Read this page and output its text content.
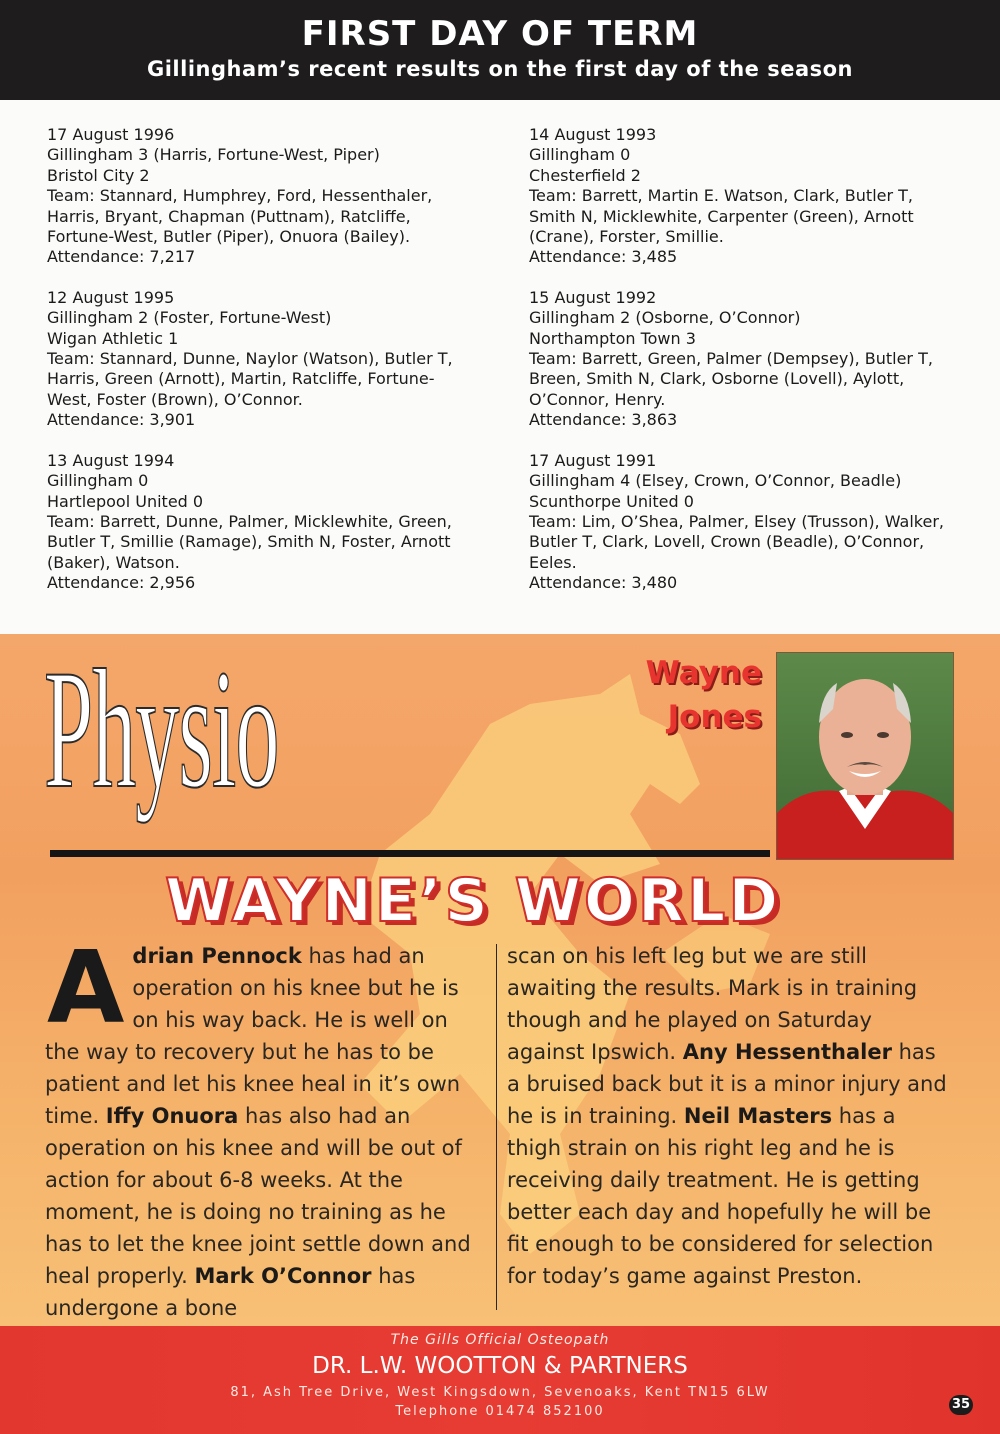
FIRST DAY OF TERM
Gillingham’s recent results on the first day of the season
17 August 1996
Gillingham 3 (Harris, Fortune-West, Piper)
Bristol City 2
Team: Stannard, Humphrey, Ford, Hessenthaler,
Harris, Bryant, Chapman (Puttnam), Ratcliffe,
Fortune-West, Butler (Piper), Onuora (Bailey).
Attendance: 7,217
12 August 1995
Gillingham 2 (Foster, Fortune-West)
Wigan Athletic 1
Team: Stannard, Dunne, Naylor (Watson), Butler T,
Harris, Green (Arnott), Martin, Ratcliffe, Fortune-
West, Foster (Brown), O’Connor.
Attendance: 3,901
13 August 1994
Gillingham 0
Hartlepool United 0
Team: Barrett, Dunne, Palmer, Micklewhite, Green,
Butler T, Smillie (Ramage), Smith N, Foster, Arnott
(Baker), Watson.
Attendance: 2,956
14 August 1993
Gillingham 0
Chesterfield 2
Team: Barrett, Martin E. Watson, Clark, Butler T,
Smith N, Micklewhite, Carpenter (Green), Arnott
(Crane), Forster, Smillie.
Attendance: 3,485
15 August 1992
Gillingham 2 (Osborne, O’Connor)
Northampton Town 3
Team: Barrett, Green, Palmer (Dempsey), Butler T,
Breen, Smith N, Clark, Osborne (Lovell), Aylott,
O’Connor, Henry.
Attendance: 3,863
17 August 1991
Gillingham 4 (Elsey, Crown, O’Connor, Beadle)
Scunthorpe United 0
Team: Lim, O’Shea, Palmer, Elsey (Trusson), Walker,
Butler T, Clark, Lovell, Crown (Beadle), O’Connor,
Eeles.
Attendance: 3,480
Physio	Wayne
Jones
WAYNE’S WORLD
Adrian Pennock has had an operation on his knee but he is on his way back. He is well on the way to recovery but he has to be patient and let his knee heal in it’s own time. Iffy Onuora has also had an operation on his knee and will be out of action for about 6-8 weeks. At the moment, he is doing no training as he has to let the knee joint settle down and heal properly. Mark O’Connor has undergone a bone
scan on his left leg but we are still awaiting the results. Mark is in training though and he played on Saturday against Ipswich. Any Hessenthaler has a bruised back but it is a minor injury and he is in training. Neil Masters has a thigh strain on his right leg and he is receiving daily treatment. He is getting better each day and hopefully he will be fit enough to be considered for selection for today’s game against Preston.
The Gills Official Osteopath
DR. L.W. WOOTTON & PARTNERS
81, Ash Tree Drive, West Kingsdown, Sevenoaks, Kent TN15 6LW
Telephone 01474 852100	35
